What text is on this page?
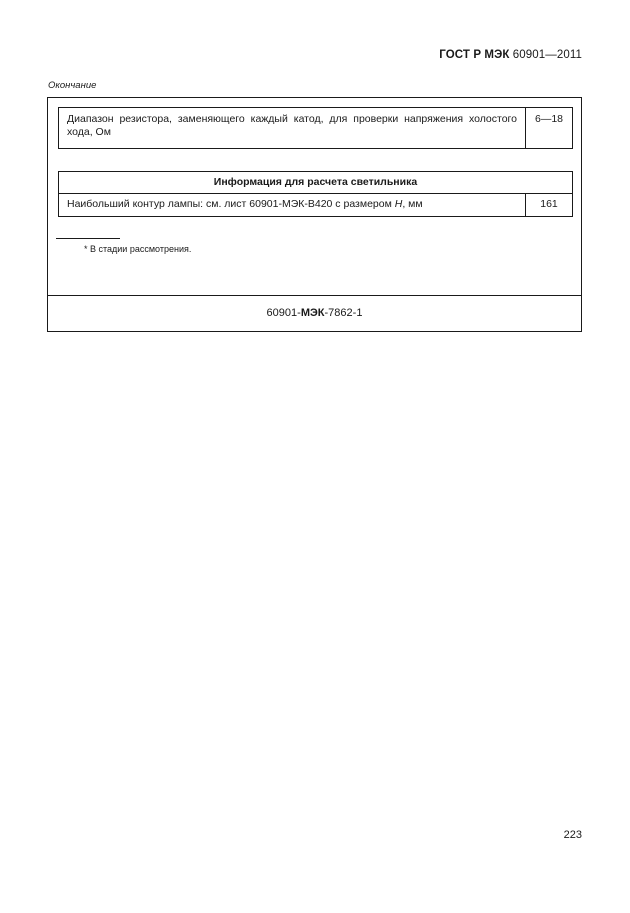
ГОСТ Р МЭК 60901—2011
Окончание
Диапазон резистора, заменяющего каждый катод, для проверки напряжения холостого хода, Ом
6—18
Информация для расчета светильника
Наибольший контур лампы: см. лист 60901-МЭК-В420 с размером H, мм	161
* В стадии рассмотрения.
60901-МЭК-7862-1
223
